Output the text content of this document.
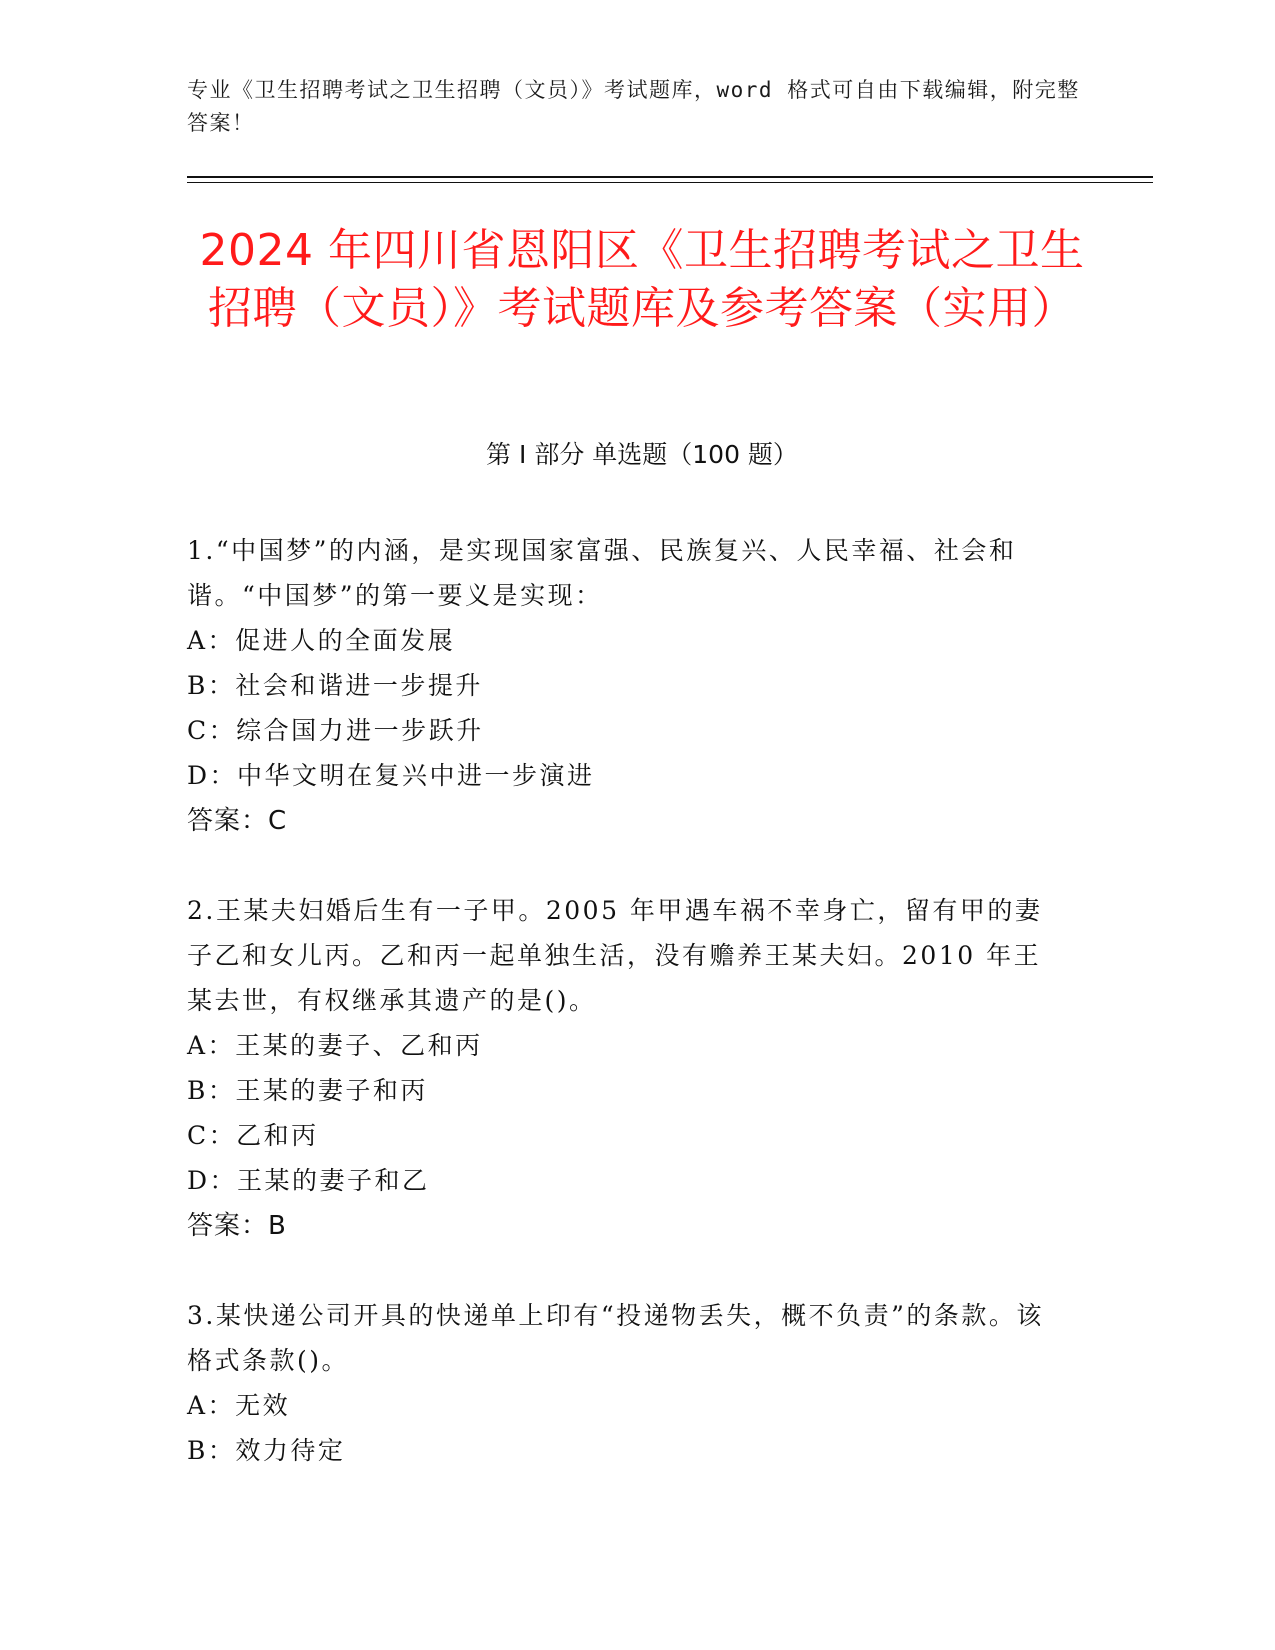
专业《卫生招聘考试之卫生招聘（文员）》考试题库，word 格式可自由下载编辑，附完整答案！
2024 年四川省恩阳区《卫生招聘考试之卫生招聘（文员）》考试题库及参考答案（实用）
第 I 部分 单选题（100 题）

1.“中国梦”的内涵，是实现国家富强、民族复兴、人民幸福、社会和谐。“中国梦”的第一要义是实现：

A：促进人的全面发展

B：社会和谐进一步提升

C：综合国力进一步跃升

D：中华文明在复兴中进一步演进

答案：C

2.王某夫妇婚后生有一子甲。2005 年甲遇车祸不幸身亡，留有甲的妻子乙和女儿丙。乙和丙一起单独生活，没有赡养王某夫妇。2010 年王某去世，有权继承其遗产的是()。

A：王某的妻子、乙和丙

B：王某的妻子和丙

C：乙和丙

D：王某的妻子和乙

答案：B

3.某快递公司开具的快递单上印有“投递物丢失，概不负责”的条款。该格式条款()。

A：无效

B：效力待定
